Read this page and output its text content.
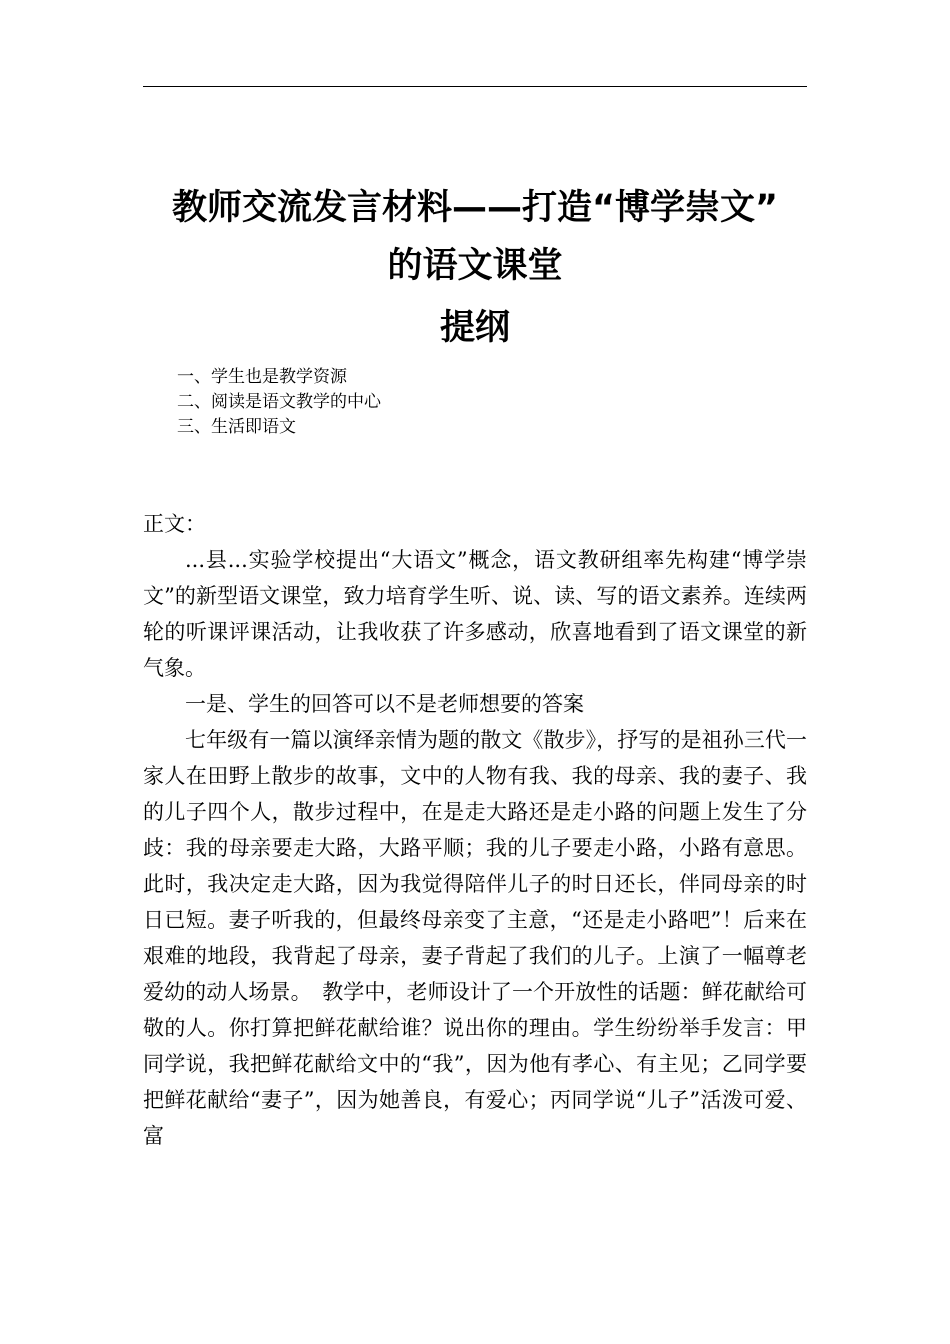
教师交流发言材料——打造“博学崇文”
的语文课堂
提纲
一、学生也是教学资源
二、阅读是语文教学的中心
三、生活即语文

正文：

...县...实验学校提出“大语文”概念，语文教研组率先构建“博学崇文”的新型语文课堂，致力培育学生听、说、读、写的语文素养。连续两轮的听课评课活动，让我收获了许多感动，欣喜地看到了语文课堂的新气象。

一是、学生的回答可以不是老师想要的答案

七年级有一篇以演绎亲情为题的散文《散步》，抒写的是祖孙三代一家人在田野上散步的故事，文中的人物有我、我的母亲、我的妻子、我的儿子四个人，散步过程中，在是走大路还是走小路的问题上发生了分歧：我的母亲要走大路，大路平顺；我的儿子要走小路，小路有意思。此时，我决定走大路，因为我觉得陪伴儿子的时日还长，伴同母亲的时日已短。妻子听我的，但最终母亲变了主意，“还是走小路吧”！后来在艰难的地段，我背起了母亲，妻子背起了我们的儿子。上演了一幅尊老爱幼的动人场景。　教学中，老师设计了一个开放性的话题：鲜花献给可敬的人。你打算把鲜花献给谁？说出你的理由。学生纷纷举手发言：甲同学说，我把鲜花献给文中的“我”，因为他有孝心、有主见；乙同学要把鲜花献给“妻子”，因为她善良，有爱心；丙同学说“儿子”活泼可爱、富
